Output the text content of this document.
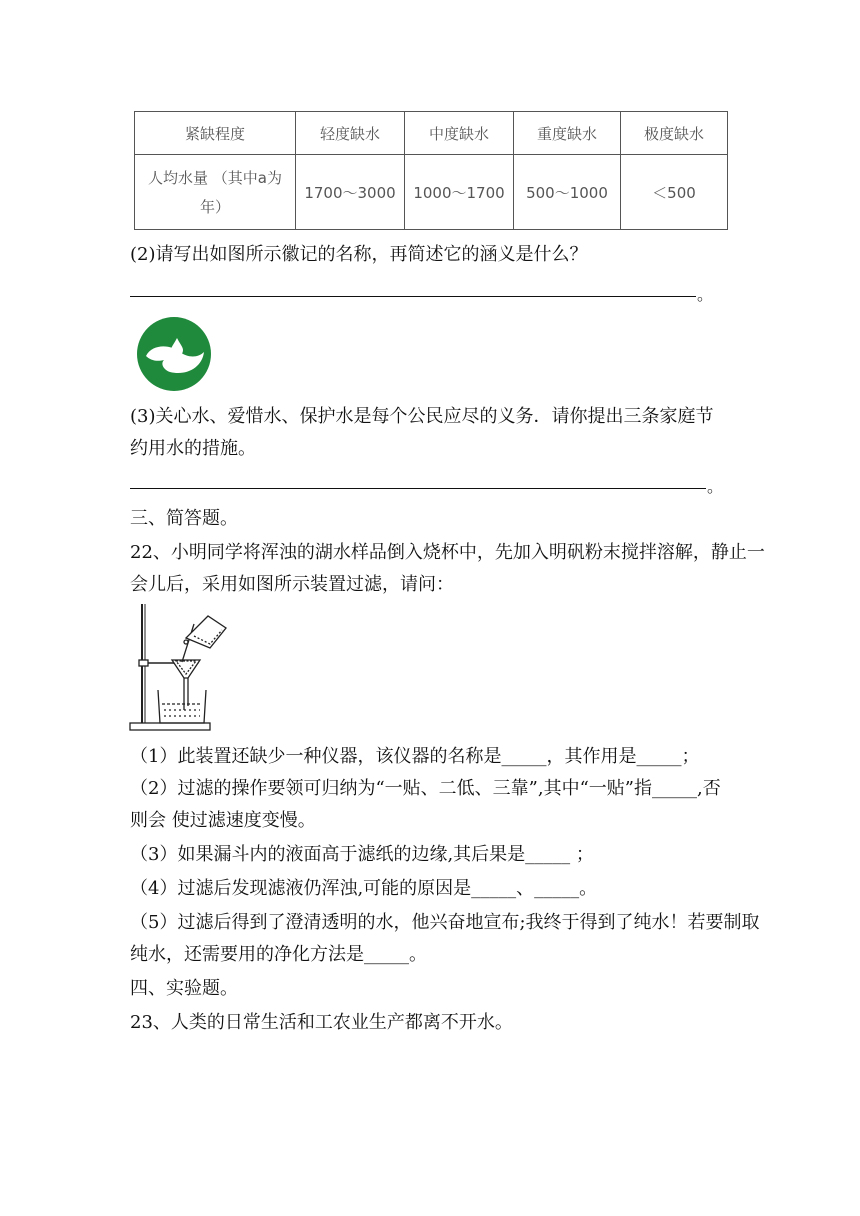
紧缺程度	轻度缺水	中度缺水	重度缺水	极度缺水

人均水量 （其中a为
年）	1700～3000	1000～1700	500～1000	＜500
(2)请写出如图所示徽记的名称，再简述它的涵义是什么？
。
(3)关心水、爱惜水、保护水是每个公民应尽的义务．请你提出三条家庭节
约用水的措施。
。
三、简答题。
22、小明同学将浑浊的湖水样品倒入烧杯中，先加入明矾粉末搅拌溶解，静止一
会儿后，采用如图所示装置过滤，请问：
（1）此装置还缺少一种仪器，该仪器的名称是_____，其作用是_____；
（2）过滤的操作要领可归纳为“一贴、二低、三靠”,其中“一贴”指_____,否
则会 使过滤速度变慢。
（3）如果漏斗内的液面高于滤纸的边缘,其后果是_____ ；
（4）过滤后发现滤液仍浑浊,可能的原因是_____、_____。
（5）过滤后得到了澄清透明的水，他兴奋地宣布;我终于得到了纯水！若要制取
纯水，还需要用的净化方法是_____。
四、实验题。
23、人类的日常生活和工农业生产都离不开水。
